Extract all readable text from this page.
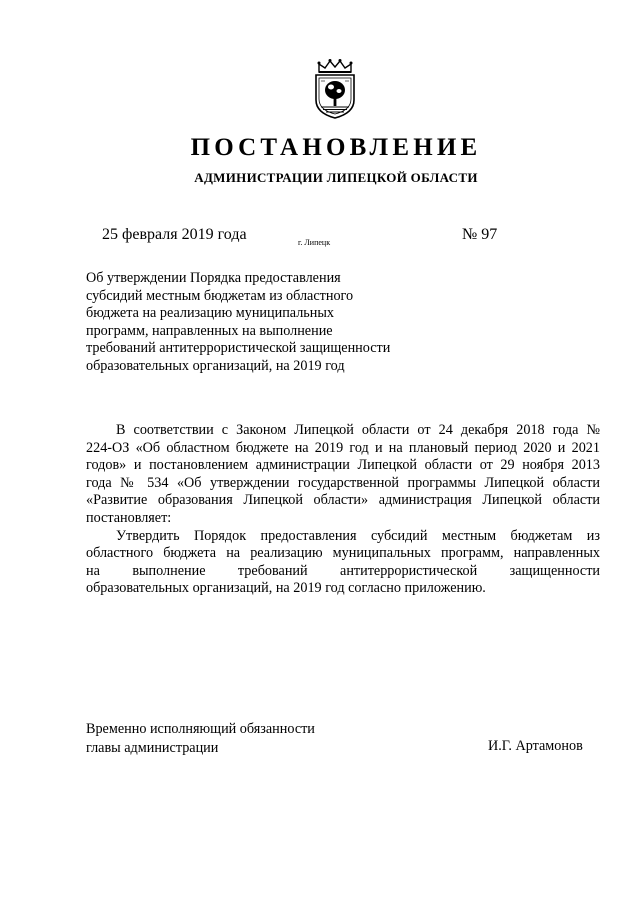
ПОСТАНОВЛЕНИЕ
АДМИНИСТРАЦИИ ЛИПЕЦКОЙ ОБЛАСТИ
25 февраля 2019 года	г. Липецк	№ 97
Об утверждении Порядка предоставления
субсидий местным бюджетам из областного
бюджета на реализацию муниципальных
программ, направленных на выполнение
требований антитеррористической защищенности
образовательных организаций, на 2019 год
В соответствии с Законом Липецкой области от 24 декабря 2018 года №
224-ОЗ «Об областном бюджете на 2019 год и на плановый период 2020 и 2021
годов» и постановлением администрации Липецкой области от 29 ноября 2013
года № 534 «Об утверждении государственной программы Липецкой области
«Развитие образования Липецкой области» администрация Липецкой области
постановляет:
Утвердить Порядок предоставления субсидий местным бюджетам из
областного бюджета на реализацию муниципальных программ, направленных
на выполнение требований антитеррористической защищенности
образовательных организаций, на 2019 год согласно приложению.
Временно исполняющий обязанности
главы администрации	И.Г. Артамонов
